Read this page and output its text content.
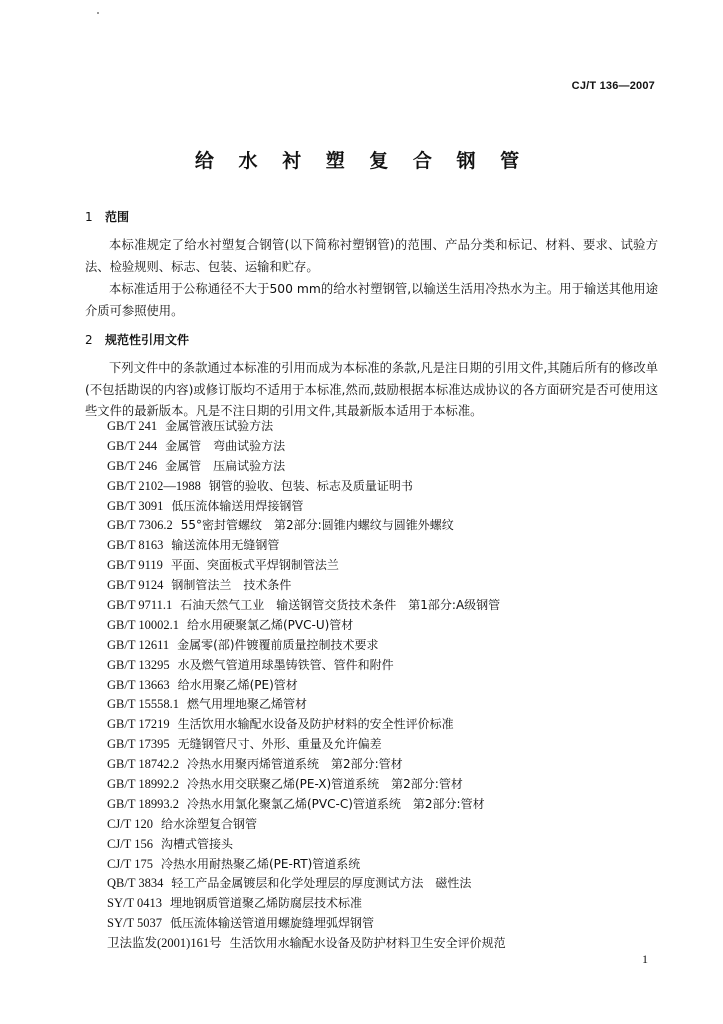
CJ/T 136—2007
给 水 衬 塑 复 合 钢 管
1 范围
本标准规定了给水衬塑复合钢管(以下简称衬塑钢管)的范围、产品分类和标记、材料、要求、试验方法、检验规则、标志、包装、运输和贮存。
本标准适用于公称通径不大于500 mm的给水衬塑钢管,以输送生活用冷热水为主。用于输送其他用途介质可参照使用。
2 规范性引用文件
下列文件中的条款通过本标准的引用而成为本标准的条款,凡是注日期的引用文件,其随后所有的修改单(不包括勘误的内容)或修订版均不适用于本标准,然而,鼓励根据本标准达成协议的各方面研究是否可使用这些文件的最新版本。凡是不注日期的引用文件,其最新版本适用于本标准。
GB/T 241 金属管液压试验方法
GB/T 244 金属管　弯曲试验方法
GB/T 246 金属管　压扁试验方法
GB/T 2102—1988 钢管的验收、包装、标志及质量证明书
GB/T 3091 低压流体输送用焊接钢管
GB/T 7306.2 55°密封管螺纹　第2部分:圆锥内螺纹与圆锥外螺纹
GB/T 8163 输送流体用无缝钢管
GB/T 9119 平面、突面板式平焊钢制管法兰
GB/T 9124 钢制管法兰　技术条件
GB/T 9711.1 石油天然气工业　输送钢管交货技术条件　第1部分:A级钢管
GB/T 10002.1 给水用硬聚氯乙烯(PVC-U)管材
GB/T 12611 金属零(部)件镀覆前质量控制技术要求
GB/T 13295 水及燃气管道用球墨铸铁管、管件和附件
GB/T 13663 给水用聚乙烯(PE)管材
GB/T 15558.1 燃气用埋地聚乙烯管材
GB/T 17219 生活饮用水输配水设备及防护材料的安全性评价标准
GB/T 17395 无缝钢管尺寸、外形、重量及允许偏差
GB/T 18742.2 冷热水用聚丙烯管道系统　第2部分:管材
GB/T 18992.2 冷热水用交联聚乙烯(PE-X)管道系统　第2部分:管材
GB/T 18993.2 冷热水用氯化聚氯乙烯(PVC-C)管道系统　第2部分:管材
CJ/T 120 给水涂塑复合钢管
CJ/T 156 沟槽式管接头
CJ/T 175 冷热水用耐热聚乙烯(PE-RT)管道系统
QB/T 3834 轻工产品金属镀层和化学处理层的厚度测试方法　磁性法
SY/T 0413 埋地钢质管道聚乙烯防腐层技术标准
SY/T 5037 低压流体输送管道用螺旋缝埋弧焊钢管
卫法监发(2001)161号 生活饮用水输配水设备及防护材料卫生安全评价规范
1
